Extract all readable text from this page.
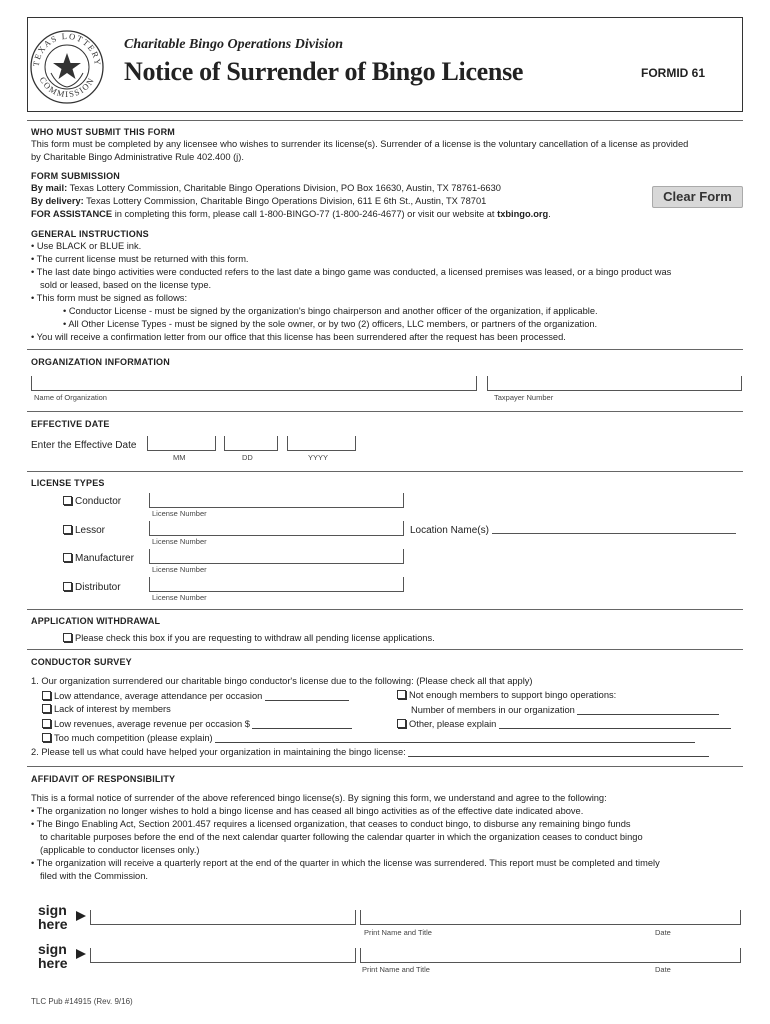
TEXAS LOTTERY
COMMISSION
Charitable Bingo Operations Division
Notice of Surrender of Bingo License	FORMID 61
WHO MUST SUBMIT THIS FORM
This form must be completed by any licensee who wishes to surrender its license(s). Surrender of a license is the voluntary cancellation of a license as provided
by Charitable Bingo Administrative Rule 402.400 (j).
FORM SUBMISSION
By mail: Texas Lottery Commission, Charitable Bingo Operations Division, PO Box 16630, Austin, TX 78761-6630
By delivery: Texas Lottery Commission, Charitable Bingo Operations Division, 611 E 6th St., Austin, TX 78701
FOR ASSISTANCE in completing this form, please call 1-800-BINGO-77 (1-800-246-4677) or visit our website at txbingo.org.
Clear Form
GENERAL INSTRUCTIONS
• Use BLACK or BLUE ink.
• The current license must be returned with this form.
• The last date bingo activities were conducted refers to the last date a bingo game was conducted, a licensed premises was leased, or a bingo product was
sold or leased, based on the license type.
• This form must be signed as follows:
• Conductor License - must be signed by the organization's bingo chairperson and another officer of the organization, if applicable.
• All Other License Types - must be signed by the sole owner, or by two (2) officers, LLC members, or partners of the organization.
• You will receive a confirmation letter from our office that this license has been surrendered after the request has been processed.
ORGANIZATION INFORMATION
Name of Organization	Taxpayer Number
EFFECTIVE DATE
Enter the Effective Date
MM	DD	YYYY
LICENSE TYPES
Conductor
License Number
Lessor
License Number
Location Name(s)
Manufacturer
License Number
Distributor
License Number
APPLICATION WITHDRAWAL
Please check this box if you are requesting to withdraw all pending license applications.
CONDUCTOR SURVEY
1. Our organization surrendered our charitable bingo conductor's license due to the following: (Please check all that apply)
Low attendance, average attendance per occasion
Lack of interest by members
Low revenues, average revenue per occasion $
Too much competition (please explain)
Not enough members to support bingo operations:
Number of members in our organization
Other, please explain
2. Please tell us what could have helped your organization in maintaining the bingo license:
AFFIDAVIT OF RESPONSIBILITY
This is a formal notice of surrender of the above referenced bingo license(s). By signing this form, we understand and agree to the following:
• The organization no longer wishes to hold a bingo license and has ceased all bingo activities as of the effective date indicated above.
• The Bingo Enabling Act, Section 2001.457 requires a licensed organization, that ceases to conduct bingo, to disburse any remaining bingo funds
to charitable purposes before the end of the next calendar quarter following the calendar quarter in which the organization ceases to conduct bingo
(applicable to conductor licenses only.)
• The organization will receive a quarterly report at the end of the quarter in which the license was surrendered. This report must be completed and timely
filed with the Commission.
sign
here
Print Name and Title	Date
sign
here	Print Name and Title	Date
TLC Pub #14915 (Rev. 9/16)
